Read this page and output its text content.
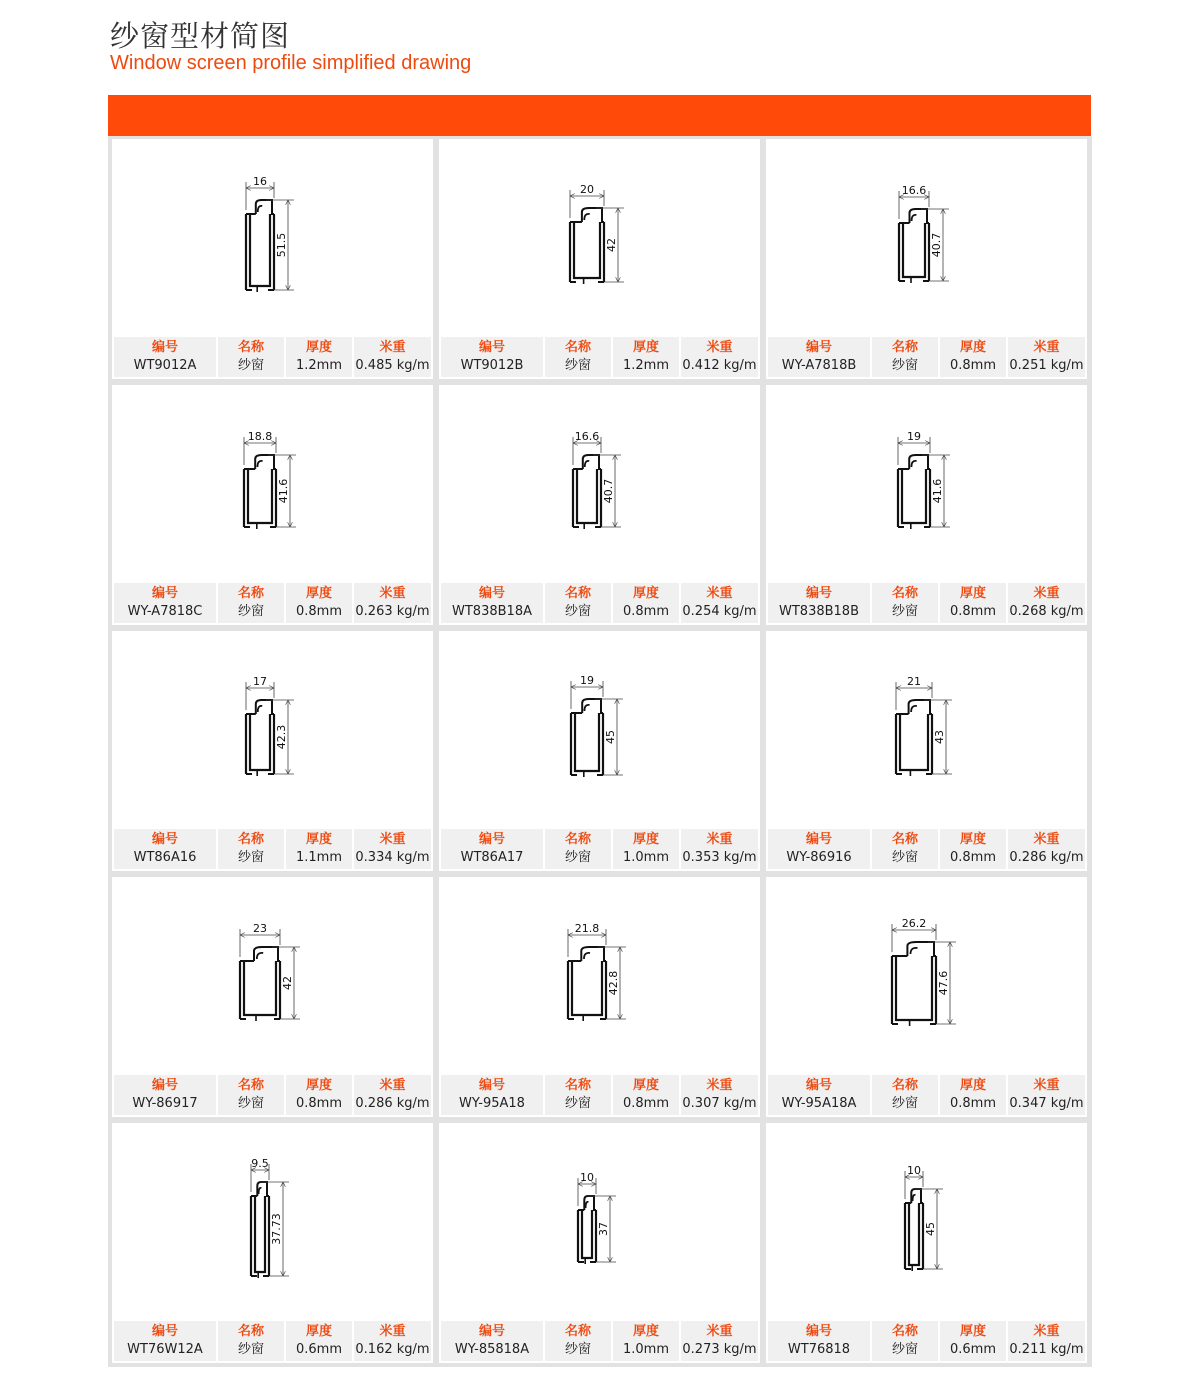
纱窗型材简图
Window screen profile simplified drawing
16
51.5
编号
WT9012A
名称
纱窗
厚度
1.2mm
米重
0.485 kg/m
20
42
编号
WT9012B
名称
纱窗
厚度
1.2mm
米重
0.412 kg/m
16.6
40.7
编号
WY-A7818B
名称
纱窗
厚度
0.8mm
米重
0.251 kg/m
18.8
41.6
编号
WY-A7818C
名称
纱窗
厚度
0.8mm
米重
0.263 kg/m
16.6
40.7
编号
WT838B18A
名称
纱窗
厚度
0.8mm
米重
0.254 kg/m
19
41.6
编号
WT838B18B
名称
纱窗
厚度
0.8mm
米重
0.268 kg/m
17
42.3
编号
WT86A16
名称
纱窗
厚度
1.1mm
米重
0.334 kg/m
19
45
编号
WT86A17
名称
纱窗
厚度
1.0mm
米重
0.353 kg/m
21
43
编号
WY-86916
名称
纱窗
厚度
0.8mm
米重
0.286 kg/m
23
42
编号
WY-86917
名称
纱窗
厚度
0.8mm
米重
0.286 kg/m
21.8
42.8
编号
WY-95A18
名称
纱窗
厚度
0.8mm
米重
0.307 kg/m
26.2
47.6
编号
WY-95A18A
名称
纱窗
厚度
0.8mm
米重
0.347 kg/m
9.5
37.73
编号
WT76W12A
名称
纱窗
厚度
0.6mm
米重
0.162 kg/m
10
37
编号
WY-85818A
名称
纱窗
厚度
1.0mm
米重
0.273 kg/m
10
45
编号
WT76818
名称
纱窗
厚度
0.6mm
米重
0.211 kg/m
